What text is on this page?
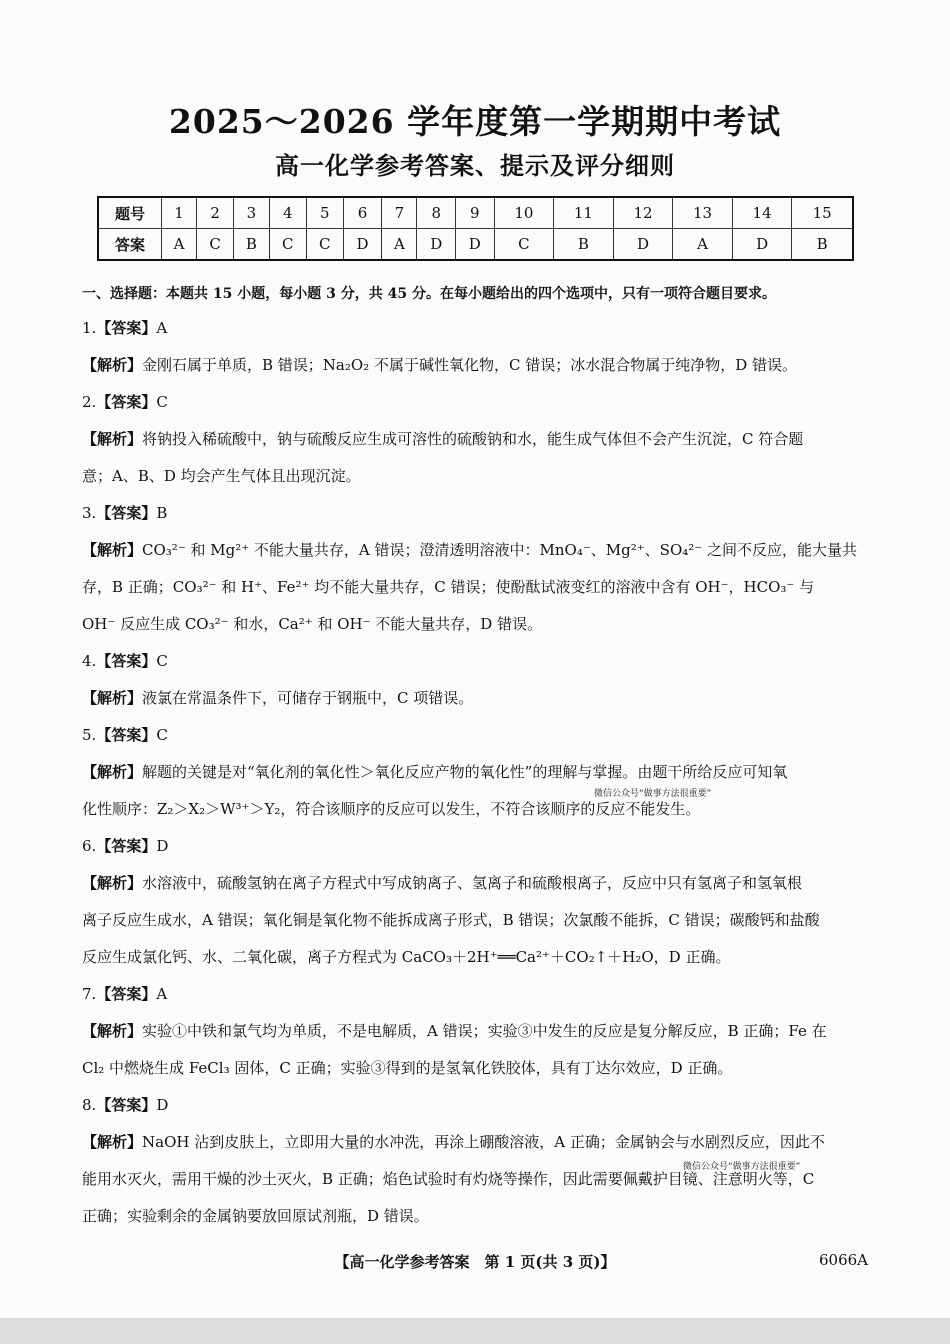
2025～2026 学年度第一学期期中考试
高一化学参考答案、提示及评分细则
题号	1	2	3	4	5	6	7	8	9	10	11	12	13	14	15
答案	A	C	B	C	C	D	A	D	D	C	B	D	A	D	B
一、选择题：本题共 15 小题，每小题 3 分，共 45 分。在每小题给出的四个选项中，只有一项符合题目要求。
1.【答案】A
【解析】金刚石属于单质，B 错误；Na₂O₂ 不属于碱性氧化物，C 错误；冰水混合物属于纯净物，D 错误。
2.【答案】C
【解析】将钠投入稀硫酸中，钠与硫酸反应生成可溶性的硫酸钠和水，能生成气体但不会产生沉淀，C 符合题
意；A、B、D 均会产生气体且出现沉淀。
3.【答案】B
【解析】CO₃²⁻ 和 Mg²⁺ 不能大量共存，A 错误；澄清透明溶液中：MnO₄⁻、Mg²⁺、SO₄²⁻ 之间不反应，能大量共
存，B 正确；CO₃²⁻ 和 H⁺、Fe²⁺ 均不能大量共存，C 错误；使酚酞试液变红的溶液中含有 OH⁻，HCO₃⁻ 与
OH⁻ 反应生成 CO₃²⁻ 和水，Ca²⁺ 和 OH⁻ 不能大量共存，D 错误。
4.【答案】C
【解析】液氯在常温条件下，可储存于钢瓶中，C 项错误。
5.【答案】C
【解析】解题的关键是对“氧化剂的氧化性＞氧化反应产物的氧化性”的理解与掌握。由题干所给反应可知氧
化性顺序：Z₂＞X₂＞W³⁺＞Y₂，符合该顺序的反应可以发生，不符合该顺序的反应不能发生。
6.【答案】D
【解析】水溶液中，硫酸氢钠在离子方程式中写成钠离子、氢离子和硫酸根离子，反应中只有氢离子和氢氧根
离子反应生成水，A 错误；氧化铜是氧化物不能拆成离子形式，B 错误；次氯酸不能拆，C 错误；碳酸钙和盐酸
反应生成氯化钙、水、二氧化碳，离子方程式为 CaCO₃＋2H⁺══Ca²⁺＋CO₂↑＋H₂O，D 正确。
7.【答案】A
【解析】实验①中铁和氯气均为单质，不是电解质，A 错误；实验③中发生的反应是复分解反应，B 正确；Fe 在
Cl₂ 中燃烧生成 FeCl₃ 固体，C 正确；实验③得到的是氢氧化铁胶体，具有丁达尔效应，D 正确。
8.【答案】D
【解析】NaOH 沾到皮肤上，立即用大量的水冲洗，再涂上硼酸溶液，A 正确；金属钠会与水剧烈反应，因此不
能用水灭火，需用干燥的沙土灭火，B 正确；焰色试验时有灼烧等操作，因此需要佩戴护目镜、注意明火等，C
正确；实验剩余的金属钠要放回原试剂瓶，D 错误。
微信公众号“做事方法很重要”
微信公众号“做事方法很重要”
【高一化学参考答案　第 1 页(共 3 页)】	6066A
